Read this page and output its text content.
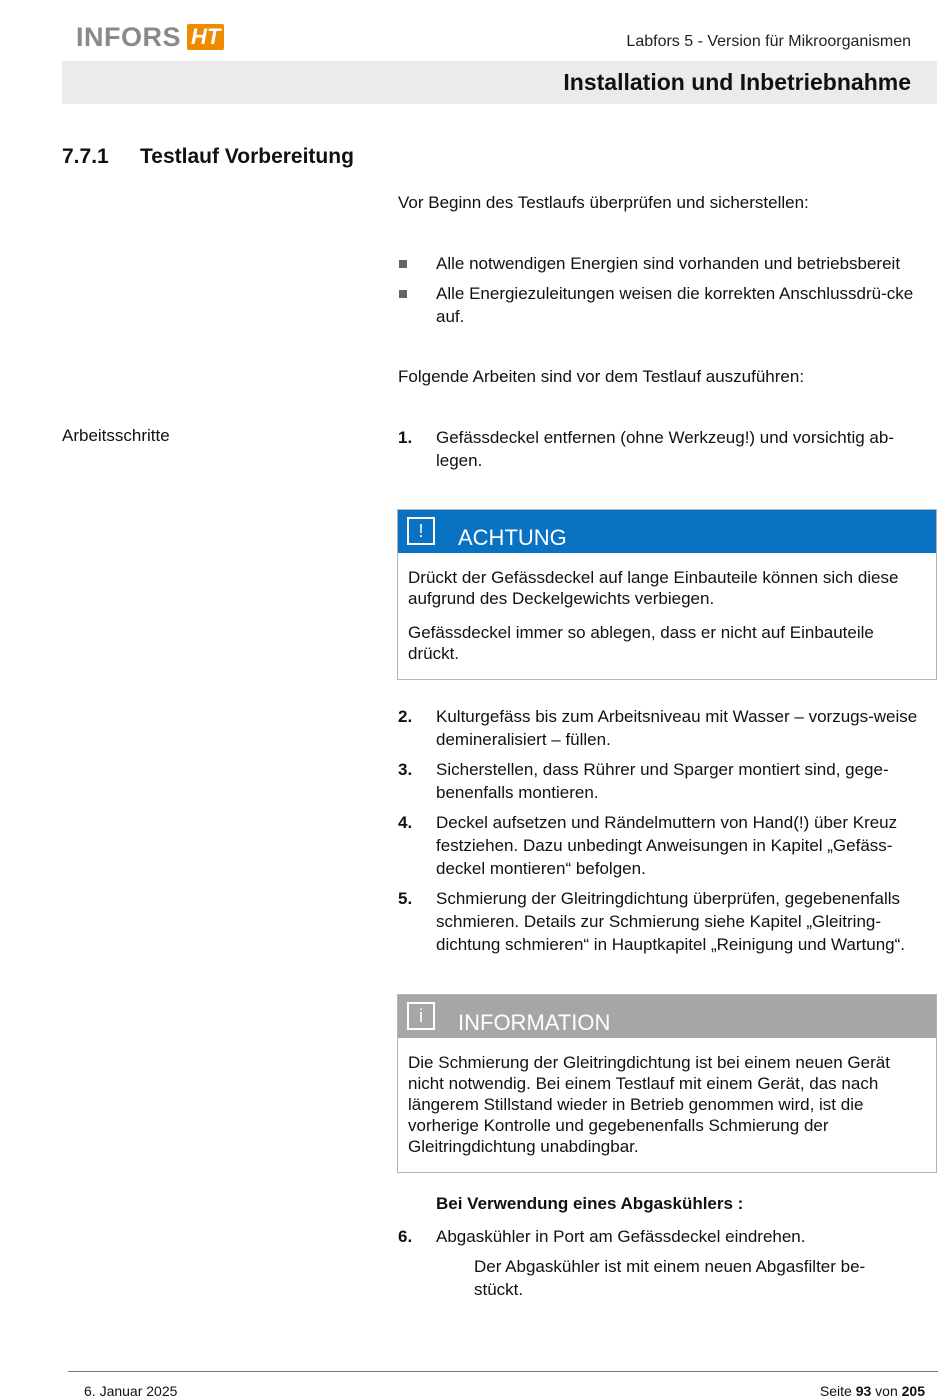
INFORS HT	Labfors 5 - Version für Mikroorganismen
Installation und Inbetriebnahme
7.7.1 Testlauf Vorbereitung
Vor Beginn des Testlaufs überprüfen und sicherstellen:
Alle notwendigen Energien sind vorhanden und betriebsbereit
Alle Energiezuleitungen weisen die korrekten Anschlussdrü-cke auf.
Folgende Arbeiten sind vor dem Testlauf auszuführen:
Arbeitsschritte	1. Gefässdeckel entfernen (ohne Werkzeug!) und vorsichtig ab-legen.
!	ACHTUNG

Drückt der Gefässdeckel auf lange Einbauteile können sich diese aufgrund des Deckelgewichts verbiegen.

Gefässdeckel immer so ablegen, dass er nicht auf Einbauteile drückt.

2. Kulturgefäss bis zum Arbeitsniveau mit Wasser – vorzugs-weise demineralisiert – füllen.
3. Sicherstellen, dass Rührer und Sparger montiert sind, gege-benenfalls montieren.
4. Deckel aufsetzen und Rändelmuttern von Hand(!) über Kreuz festziehen. Dazu unbedingt Anweisungen in Kapitel „Gefäss-deckel montieren“ befolgen.
5. Schmierung der Gleitringdichtung überprüfen, gegebenenfalls schmieren. Details zur Schmierung siehe Kapitel „Gleitring-dichtung schmieren“ in Hauptkapitel „Reinigung und Wartung“.
i	INFORMATION

Die Schmierung der Gleitringdichtung ist bei einem neuen Gerät nicht notwendig. Bei einem Testlauf mit einem Gerät, das nach längerem Stillstand wieder in Betrieb genommen wird, ist die vorherige Kontrolle und gegebenenfalls Schmierung der Gleitringdichtung unabdingbar.

Bei Verwendung eines Abgaskühlers :
6. Abgaskühler in Port am Gefässdeckel eindrehen.
Der Abgaskühler ist mit einem neuen Abgasfilter be-stückt.
6. Januar 2025	Seite 93 von 205
